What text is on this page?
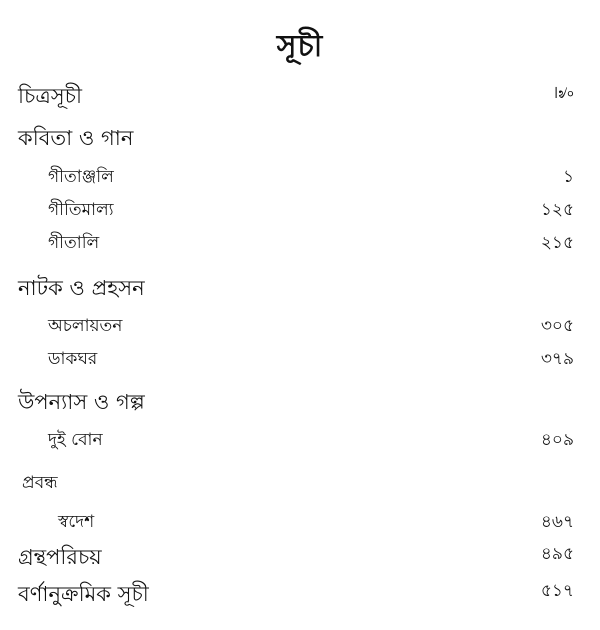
সূচী
চিত্রসূচী	।৶৹
কবিতা ও গান
গীতাঞ্জলি	১
গীতিমাল্য	১২৫
গীতালি	২১৫
নাটক ও প্রহসন
অচলায়তন	৩০৫
ডাকঘর	৩৭৯
উপন্যাস ও গল্প
দুই বোন	৪০৯
প্রবন্ধ
স্বদেশ	৪৬৭
গ্রন্থপরিচয়	৪৯৫
বর্ণানুক্রমিক সূচী	৫১৭
